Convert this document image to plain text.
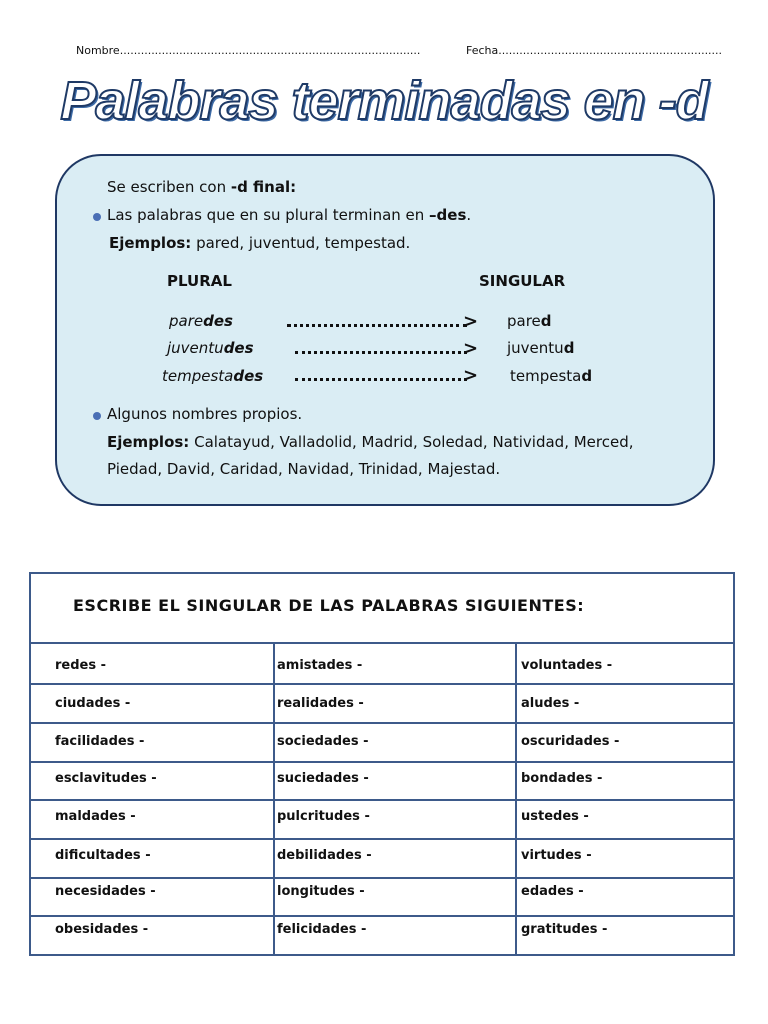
Nombre......................................................................................	Fecha................................................................
Palabras terminadas en -d
Se escriben con -d final:
Las palabras que en su plural terminan en –des.
Ejemplos: pared, juventud, tempestad.
PLURAL	SINGULAR
paredes	> pared
juventudes	> juventud
tempestades	> tempestad
Algunos nombres propios.
Ejemplos: Calatayud, Valladolid, Madrid, Soledad, Natividad, Merced,
Piedad, David, Caridad, Navidad, Trinidad, Majestad.
ESCRIBE EL SINGULAR DE LAS PALABRAS SIGUIENTES:
redes -	amistades -	voluntades -
ciudades -	realidades -	aludes -
facilidades -	sociedades -	oscuridades -
esclavitudes -	suciedades -	bondades -
maldades -	pulcritudes -	ustedes -
dificultades -	debilidades -	virtudes -
necesidades -	longitudes -	edades -
obesidades -	felicidades -	gratitudes -
